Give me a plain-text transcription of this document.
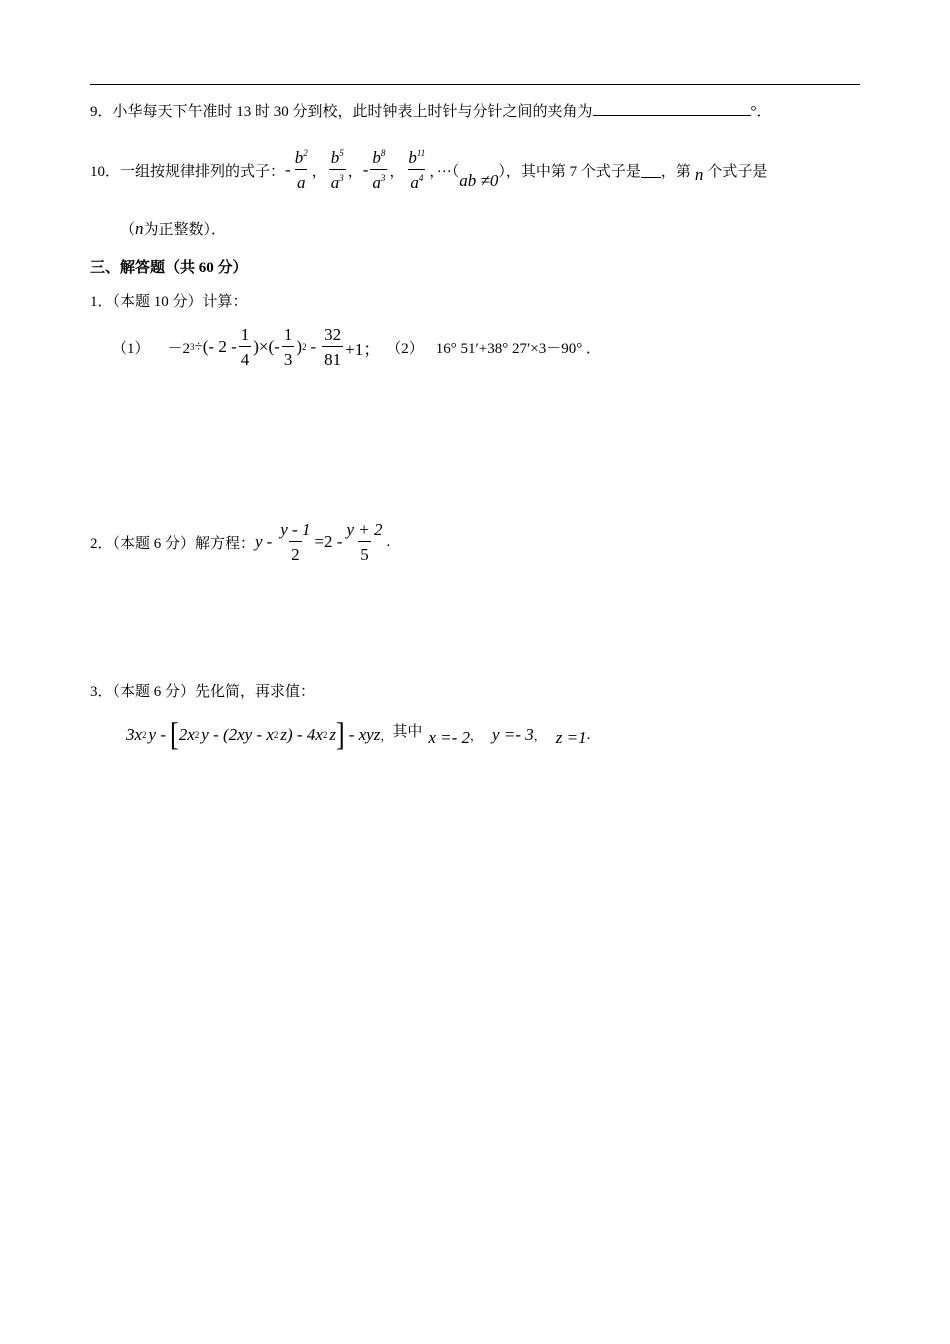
9．小华每天下午准时 13 时 30 分到校，此时钟表上时针与分针之间的夹角为	°．
10．一组按规律排列的式子： - $\frac{b^2}{a}$ ， $\frac{b^5}{a^3}$ ， - $\frac{b^8}{a^3}$ ， $\frac{b^{11}}{a^4}$ ，···（ ab ≠0 ），其中第 7 个式子是 ，第 n 个式子是
（n为正整数）．
三、解答题（共 60 分）
1．（本题 10 分）计算：
（1） －2 3 ÷ (- $2 - \frac{1}{4}$ )×(- $\frac{1}{3}$ ) $2 - \frac{32}{81} +1$； （2） 16° 51′+38° 27′×3－90° ．
2．（本题 6 分）解方程： $y - \frac{y - 1}{2} =2 - \frac{y + 2}{5}$ .
3．（本题 6 分）先化简，再求值：
3x 2 y - [ 2x 2 y - (2xy - x 2 z) - 4x 2 z ] - xyz ， 其中 x =- 2 ， y =- 3 ， z =1 .
